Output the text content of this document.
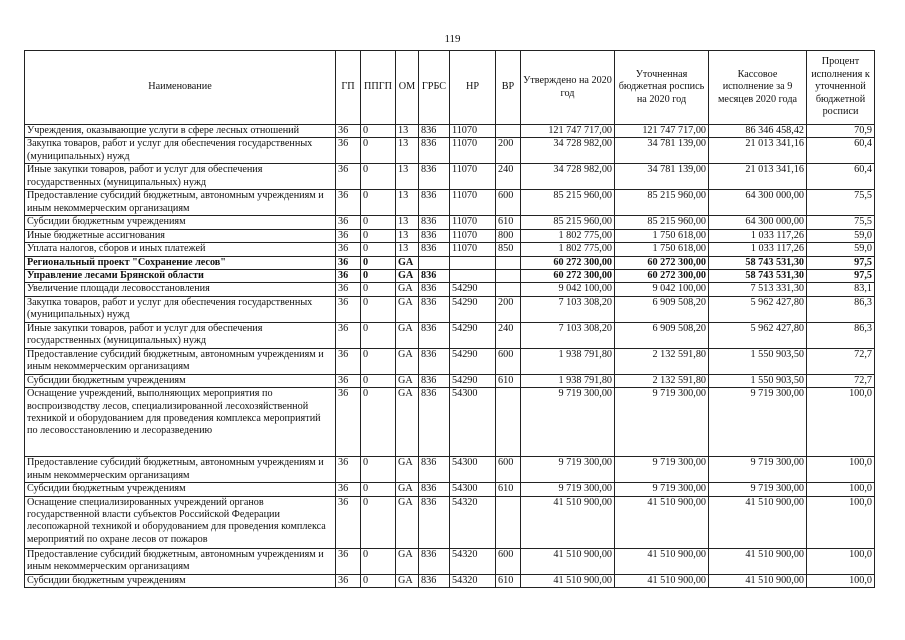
119
Наименование	ГП	ППГП	ОМ	ГРБС	НР	ВР	Утверждено на 2020 год	Уточненная бюджетная роспись на 2020 год	Кассовое исполнение за 9 месяцев 2020 года	Процент исполнения к уточненной бюджетной росписи
Учреждения, оказывающие услуги в сфере лесных отношений	36	0	13	836	11070		121 747 717,00	121 747 717,00	86 346 458,42	70,9
Закупка товаров, работ и услуг для обеспечения государственных (муниципальных) нужд	36	0	13	836	11070	200	34 728 982,00	34 781 139,00	21 013 341,16	60,4
Иные закупки товаров, работ и услуг для обеспечения государственных (муниципальных) нужд	36	0	13	836	11070	240	34 728 982,00	34 781 139,00	21 013 341,16	60,4
Предоставление субсидий бюджетным, автономным учреждениям и иным некоммерческим организациям	36	0	13	836	11070	600	85 215 960,00	85 215 960,00	64 300 000,00	75,5
Субсидии бюджетным учреждениям	36	0	13	836	11070	610	85 215 960,00	85 215 960,00	64 300 000,00	75,5
Иные бюджетные ассигнования	36	0	13	836	11070	800	1 802 775,00	1 750 618,00	1 033 117,26	59,0
Уплата налогов, сборов и иных платежей	36	0	13	836	11070	850	1 802 775,00	1 750 618,00	1 033 117,26	59,0
Региональный проект "Сохранение лесов"	36	0	GA				60 272 300,00	60 272 300,00	58 743 531,30	97,5
Управление лесами Брянской области	36	0	GA	836			60 272 300,00	60 272 300,00	58 743 531,30	97,5
Увеличение площади лесовосстановления	36	0	GA	836	54290		9 042 100,00	9 042 100,00	7 513 331,30	83,1
Закупка товаров, работ и услуг для обеспечения государственных (муниципальных) нужд	36	0	GA	836	54290	200	7 103 308,20	6 909 508,20	5 962 427,80	86,3
Иные закупки товаров, работ и услуг для обеспечения государственных (муниципальных) нужд	36	0	GA	836	54290	240	7 103 308,20	6 909 508,20	5 962 427,80	86,3
Предоставление субсидий бюджетным, автономным учреждениям и иным некоммерческим организациям	36	0	GA	836	54290	600	1 938 791,80	2 132 591,80	1 550 903,50	72,7
Субсидии бюджетным учреждениям	36	0	GA	836	54290	610	1 938 791,80	2 132 591,80	1 550 903,50	72,7
Оснащение учреждений, выполняющих мероприятия по воспроизводству лесов, специализированной лесохозяйственной техникой и оборудованием для проведения комплекса мероприятий по лесовосстановлению и лесоразведению	36	0	GA	836	54300		9 719 300,00	9 719 300,00	9 719 300,00	100,0
Предоставление субсидий бюджетным, автономным учреждениям и иным некоммерческим организациям	36	0	GA	836	54300	600	9 719 300,00	9 719 300,00	9 719 300,00	100,0
Субсидии бюджетным учреждениям	36	0	GA	836	54300	610	9 719 300,00	9 719 300,00	9 719 300,00	100,0
Оснащение специализированных учреждений органов государственной власти субъектов Российской Федерации лесопожарной техникой и оборудованием для проведения комплекса мероприятий по охране лесов от пожаров	36	0	GA	836	54320		41 510 900,00	41 510 900,00	41 510 900,00	100,0
Предоставление субсидий бюджетным, автономным учреждениям и иным некоммерческим организациям	36	0	GA	836	54320	600	41 510 900,00	41 510 900,00	41 510 900,00	100,0
Субсидии бюджетным учреждениям	36	0	GA	836	54320	610	41 510 900,00	41 510 900,00	41 510 900,00	100,0
